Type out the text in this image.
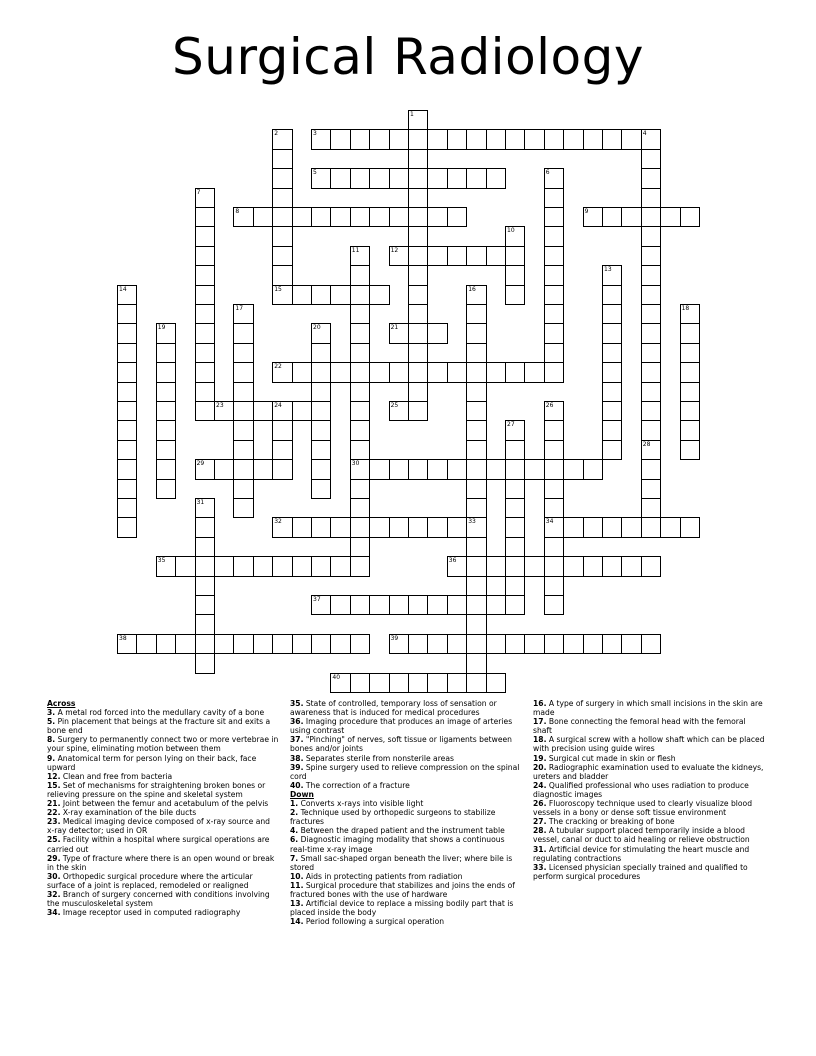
Surgical Radiology
1
2	3	4
5	6
7
8	9
10
11
30
12
13
14	15	16
33
17	18
19	20	21
22
23	24	25	26
34
27
28
29
31
32
35	36
37
38	39
40
Across
3. A metal rod forced into the medullary cavity of a bone
5. Pin placement that beings at the fracture sit and exits a bone end
8. Surgery to permanently connect two or more vertebrae in your spine, eliminating motion between them
9. Anatomical term for person lying on their back, face upward
12. Clean and free from bacteria
15. Set of mechanisms for straightening broken bones or relieving pressure on the spine and skeletal system
21. Joint between the femur and acetabulum of the pelvis
22. X-ray examination of the bile ducts
23. Medical imaging device composed of x-ray source and x-ray detector; used in OR
25. Facility within a hospital where surgical operations are carried out
29. Type of fracture where there is an open wound or break in the skin
30. Orthopedic surgical procedure where the articular surface of a joint is replaced, remodeled or realigned
32. Branch of surgery concerned with conditions involving the musculoskeletal system
34. Image receptor used in computed radiography
35. State of controlled, temporary loss of sensation or awareness that is induced for medical procedures
36. Imaging procedure that produces an image of arteries using contrast
37. "Pinching" of nerves, soft tissue or ligaments between bones and/or joints
38. Separates sterile from nonsterile areas
39. Spine surgery used to relieve compression on the spinal cord
40. The correction of a fracture
Down
1. Converts x-rays into visible light
2. Technique used by orthopedic surgeons to stabilize fractures
4. Between the draped patient and the instrument table
6. Diagnostic imaging modality that shows a continuous real-time x-ray image
7. Small sac-shaped organ beneath the liver; where bile is stored
10. Aids in protecting patients from radiation
11. Surgical procedure that stabilizes and joins the ends of fractured bones with the use of hardware
13. Artificial device to replace a missing bodily part that is placed inside the body
14. Period following a surgical operation
16. A type of surgery in which small incisions in the skin are made
17. Bone connecting the femoral head with the femoral shaft
18. A surgical screw with a hollow shaft which can be placed with precision using guide wires
19. Surgical cut made in skin or flesh
20. Radiographic examination used to evaluate the kidneys, ureters and bladder
24. Qualified professional who uses radiation to produce diagnostic images
26. Fluoroscopy technique used to clearly visualize blood vessels in a bony or dense soft tissue environment
27. The cracking or breaking of bone
28. A tubular support placed temporarily inside a blood vessel, canal or duct to aid healing or relieve obstruction
31. Artificial device for stimulating the heart muscle and regulating contractions
33. Licensed physician specially trained and qualified to perform surgical procedures
